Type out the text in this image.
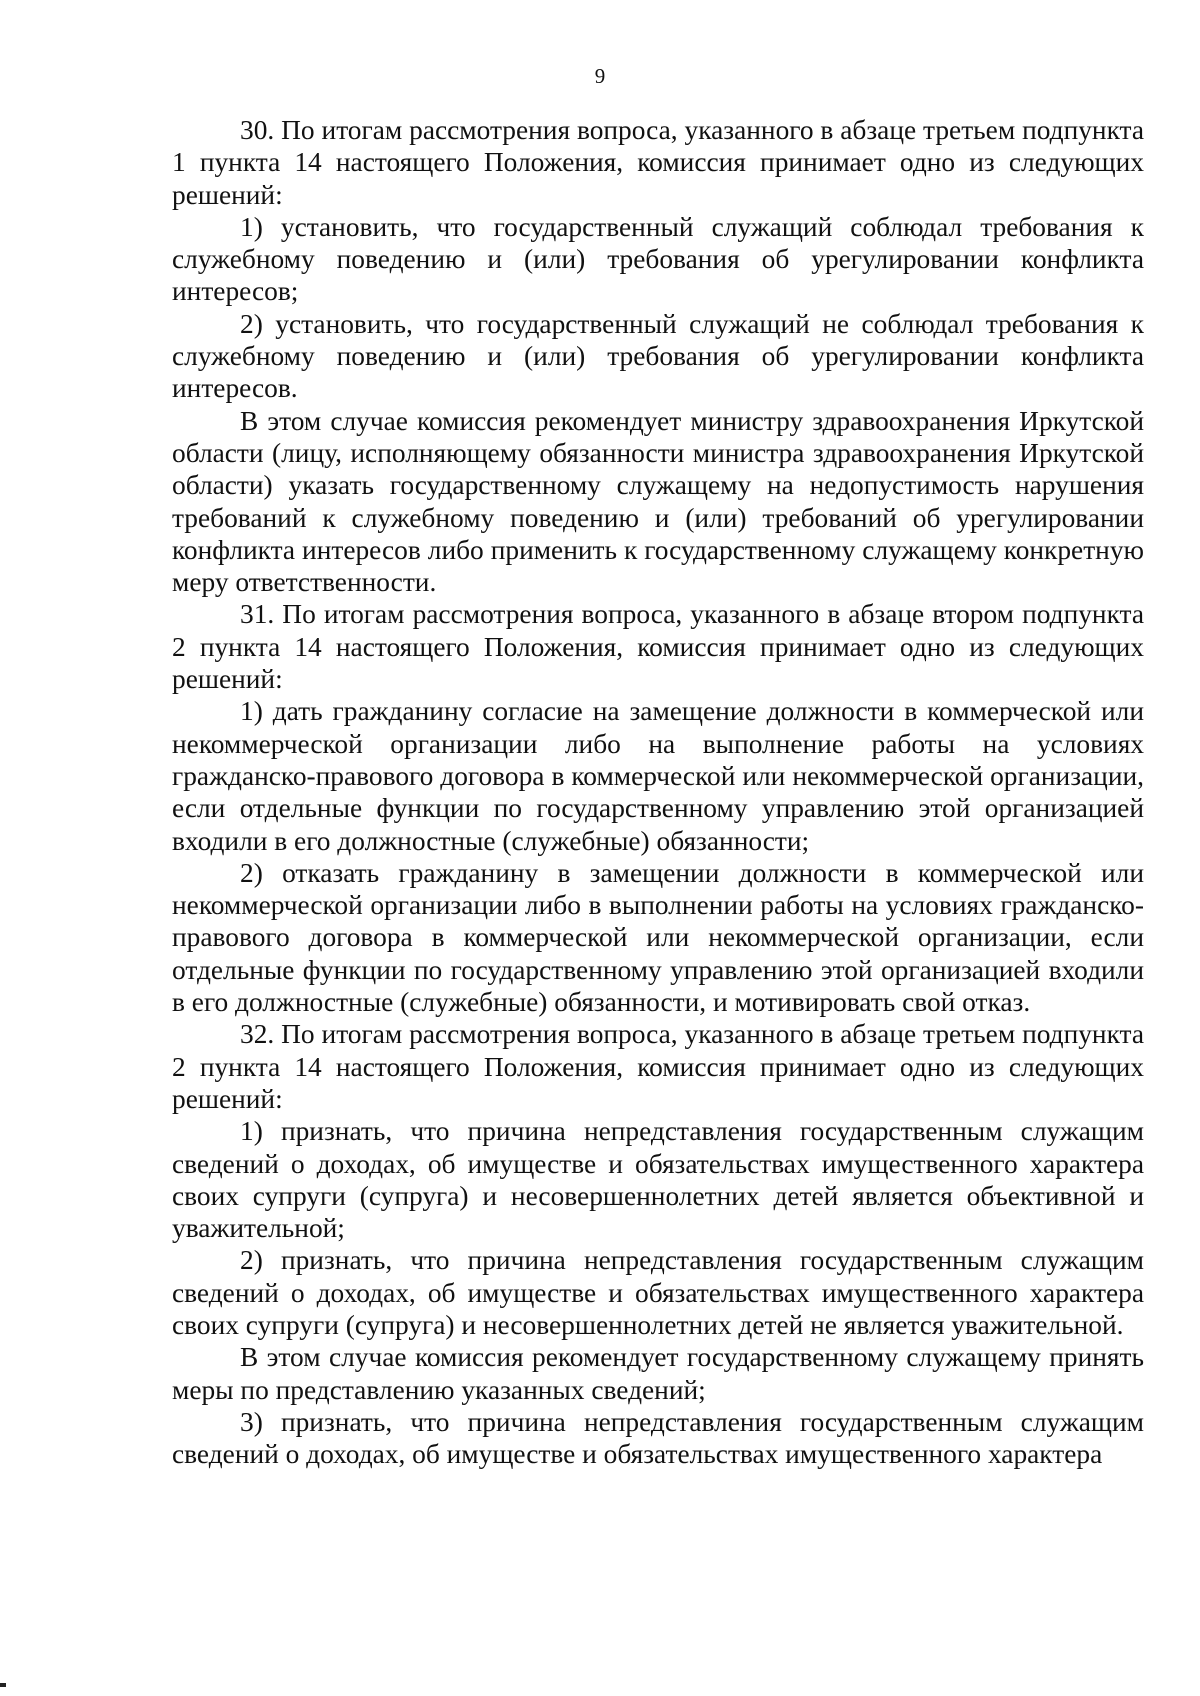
9

30. По итогам рассмотрения вопроса, указанного в абзаце третьем подпункта 1 пункта 14 настоящего Положения, комиссия принимает одно из следующих решений:

1) установить, что государственный служащий соблюдал требования к служебному поведению и (или) требования об урегулировании конфликта интересов;

2) установить, что государственный служащий не соблюдал требования к служебному поведению и (или) требования об урегулировании конфликта интересов.

В этом случае комиссия рекомендует министру здравоохранения Иркутской области (лицу, исполняющему обязанности министра здравоохранения Иркутской области) указать государственному служащему на недопустимость нарушения требований к служебному поведению и (или) требований об урегулировании конфликта интересов либо применить к государственному служащему конкретную меру ответственности.

31. По итогам рассмотрения вопроса, указанного в абзаце втором подпункта 2 пункта 14 настоящего Положения, комиссия принимает одно из следующих решений:

1) дать гражданину согласие на замещение должности в коммерческой или некоммерческой организации либо на выполнение работы на условиях гражданско-правового договора в коммерческой или некоммерческой организации, если отдельные функции по государственному управлению этой организацией входили в его должностные (служебные) обязанности;

2) отказать гражданину в замещении должности в коммерческой или некоммерческой организации либо в выполнении работы на условиях гражданско-правового договора в коммерческой или некоммерческой организации, если отдельные функции по государственному управлению этой организацией входили в его должностные (служебные) обязанности, и мотивировать свой отказ.

32. По итогам рассмотрения вопроса, указанного в абзаце третьем подпункта 2 пункта 14 настоящего Положения, комиссия принимает одно из следующих решений:

1) признать, что причина непредставления государственным служащим сведений о доходах, об имуществе и обязательствах имущественного характера своих супруги (супруга) и несовершеннолетних детей является объективной и уважительной;

2) признать, что причина непредставления государственным служащим сведений о доходах, об имуществе и обязательствах имущественного характера своих супруги (супруга) и несовершеннолетних детей не является уважительной.

В этом случае комиссия рекомендует государственному служащему принять меры по представлению указанных сведений;

3) признать, что причина непредставления государственным служащим сведений о доходах, об имуществе и обязательствах имущественного характера
